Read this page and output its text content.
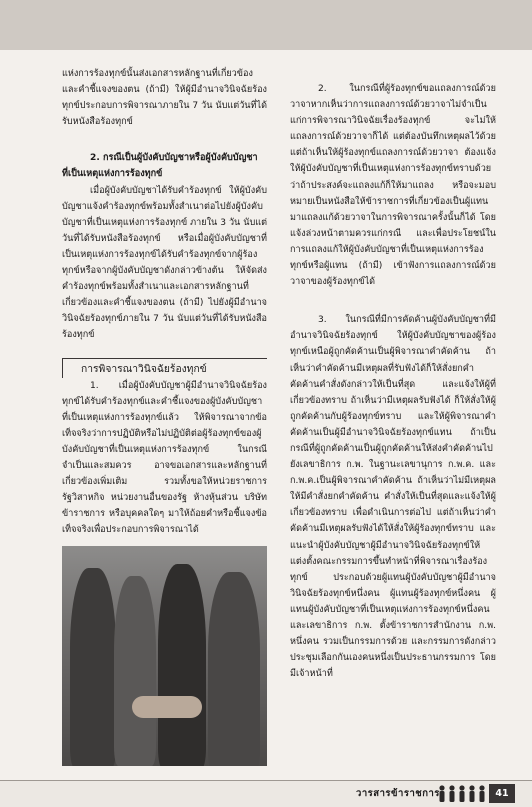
แห่งการร้องทุกข์นั้นส่งเอกสารหลักฐานที่เกี่ยวข้องและคำชี้แจงของตน (ถ้ามี) ให้ผู้มีอำนาจวินิจฉัยร้องทุกข์ประกอบการพิจารณาภายใน 7 วัน นับแต่วันที่ได้รับหนังสือร้องทุกข์

2. กรณีเป็นผู้บังคับบัญชาหรือผู้บังคับบัญชา

ที่เป็นเหตุแห่งการร้องทุกข์

เมื่อผู้บังคับบัญชาได้รับคำร้องทุกข์ ให้ผู้บังคับบัญชาแจ้งคำร้องทุกข์พร้อมทั้งสำเนาต่อไปยังผู้บังคับบัญชาที่เป็นเหตุแห่งการร้องทุกข์ ภายใน 3 วัน นับแต่วันที่ได้รับหนังสือร้องทุกข์ หรือเมื่อผู้บังคับบัญชาที่เป็นเหตุแห่งการร้องทุกข์ได้รับคำร้องทุกข์จากผู้ร้องทุกข์หรือจากผู้บังคับบัญชาดังกล่าวข้างต้น ให้จัดส่งคำร้องทุกข์พร้อมทั้งสำเนาและเอกสารหลักฐานที่เกี่ยวข้องและคำชี้แจงของตน (ถ้ามี) ไปยังผู้มีอำนาจวินิจฉัยร้องทุกข์ภายใน 7 วัน นับแต่วันที่ได้รับหนังสือร้องทุกข์

การพิจารณาวินิจฉัยร้องทุกข์

1. เมื่อผู้บังคับบัญชาผู้มีอำนาจวินิจฉัยร้องทุกข์ได้รับคำร้องทุกข์และคำชี้แจงของผู้บังคับบัญชาที่เป็นเหตุแห่งการร้องทุกข์แล้ว ให้พิจารณาจากข้อเท็จจริงว่าการปฏิบัติหรือไม่ปฏิบัติต่อผู้ร้องทุกข์ของผู้บังคับบัญชาที่เป็นเหตุแห่งการร้องทุกข์ ในกรณีจำเป็นและสมควร อาจขอเอกสารและหลักฐานที่เกี่ยวข้องเพิ่มเติม รวมทั้งขอให้หน่วยราชการ รัฐวิสาหกิจ หน่วยงานอื่นของรัฐ ห้างหุ้นส่วน บริษัท ข้าราชการ หรือบุคคลใดๆ มาให้ถ้อยคำหรือชี้แจงข้อเท็จจริงเพื่อประกอบการพิจารณาได้

2. ในกรณีที่ผู้ร้องทุกข์ขอแถลงการณ์ด้วยวาจาหากเห็นว่าการแถลงการณ์ด้วยวาจาไม่จำเป็นแก่การพิจารณาวินิจฉัยเรื่องร้องทุกข์ จะไม่ให้แถลงการณ์ด้วยวาจาก็ได้ แต่ต้องบันทึกเหตุผลไว้ด้วย แต่ถ้าเห็นให้ผู้ร้องทุกข์แถลงการณ์ด้วยวาจา ต้องแจ้งให้ผู้บังคับบัญชาที่เป็นเหตุแห่งการร้องทุกข์ทราบด้วยว่าถ้าประสงค์จะแถลงแก้ก็ให้มาแถลง หรือจะมอบหมายเป็นหนังสือให้ข้าราชการที่เกี่ยวข้องเป็นผู้แทนมาแถลงแก้ด้วยวาจาในการพิจารณาครั้งนั้นก็ได้ โดยแจ้งล่วงหน้าตามควรแก่กรณี และเพื่อประโยชน์ในการแถลงแก้ให้ผู้บังคับบัญชาที่เป็นเหตุแห่งการร้องทุกข์หรือผู้แทน (ถ้ามี) เข้าฟังการแถลงการณ์ด้วยวาจาของผู้ร้องทุกข์ได้

3. ในกรณีที่มีการคัดค้านผู้บังคับบัญชาที่มีอำนาจวินิจฉัยร้องทุกข์ ให้ผู้บังคับบัญชาของผู้ร้องทุกข์เหนือผู้ถูกคัดค้านเป็นผู้พิจารณาคำคัดค้าน ถ้าเห็นว่าคำคัดค้านมีเหตุผลที่รับฟังได้ก็ให้สั่งยกคำคัดค้านคำสั่งดังกล่าวให้เป็นที่สุด และแจ้งให้ผู้ที่เกี่ยวข้องทราบ ถ้าเห็นว่ามีเหตุผลรับฟังได้ ก็ให้สั่งให้ผู้ถูกคัดค้านกับผู้ร้องทุกข์ทราบ และให้ผู้พิจารณาคำคัดค้านเป็นผู้มีอำนาจวินิจฉัยร้องทุกข์แทน ถ้าเป็นกรณีที่ผู้ถูกคัดค้านเป็นผู้ถูกคัดค้านให้ส่งคำคัดค้านไปยังเลขาธิการ ก.พ. ในฐานะเลขานุการ ก.พ.ค. และ ก.พ.ค.เป็นผู้พิจารณาคำคัดค้าน ถ้าเห็นว่าไม่มีเหตุผลให้มีคำสั่งยกคำคัดค้าน คำสั่งให้เป็นที่สุดและแจ้งให้ผู้เกี่ยวข้องทราบ เพื่อดำเนินการต่อไป แต่ถ้าเห็นว่าคำคัดค้านมีเหตุผลรับฟังได้ให้สั่งให้ผู้ร้องทุกข์ทราบ และแนะนำผู้บังคับบัญชาผู้มีอำนาจวินิจฉัยร้องทุกข์ให้แต่งตั้งคณะกรรมการขึ้นทำหน้าที่พิจารณาเรื่องร้องทุกข์ ประกอบด้วยผู้แทนผู้บังคับบัญชาผู้มีอำนาจวินิจฉัยร้องทุกข์หนึ่งคน ผู้แทนผู้ร้องทุกข์หนึ่งคน ผู้แทนผู้บังคับบัญชาที่เป็นเหตุแห่งการร้องทุกข์หนึ่งคน และเลขาธิการ ก.พ. ตั้งข้าราชการสำนักงาน ก.พ. หนึ่งคน รวมเป็นกรรมการด้วย และกรรมการดังกล่าวประชุมเลือกกันเองคนหนึ่งเป็นประธานกรรมการ โดยมีเจ้าหน้าที่

วารสารข้าราชการ	41
